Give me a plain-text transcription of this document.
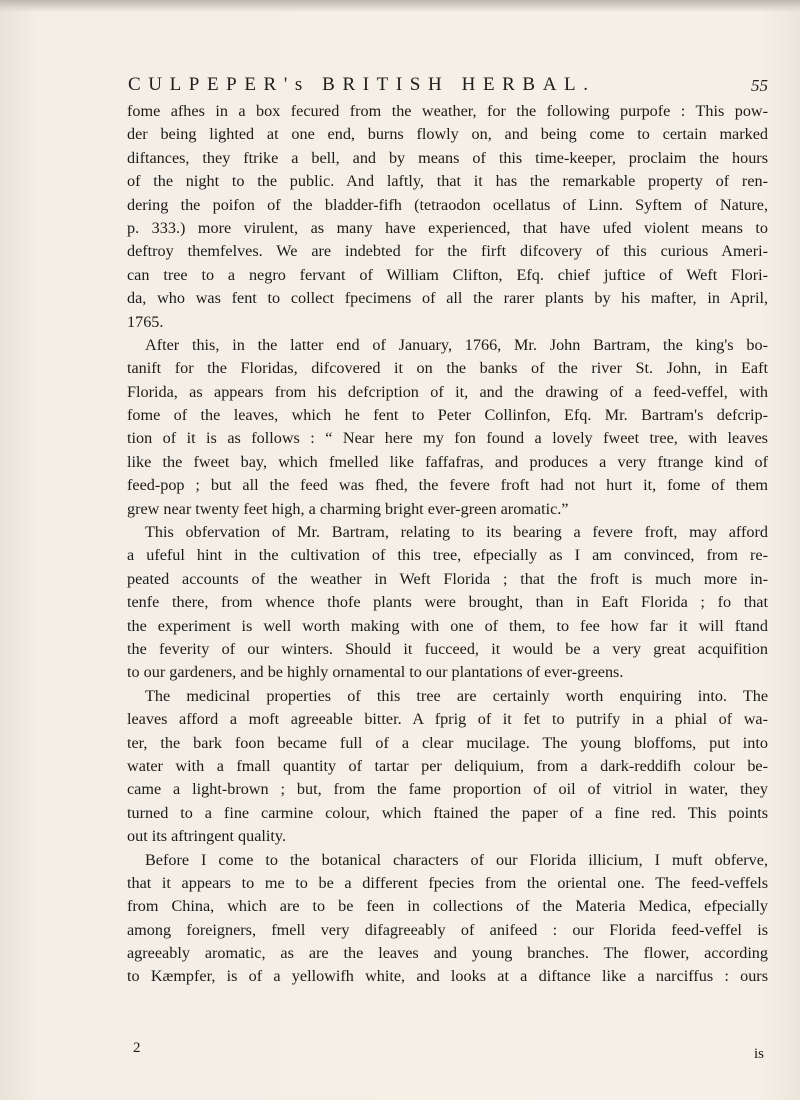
CULPEPER's BRITISH HERBAL.	55
fome afhes in a box fecured from the weather, for the following purpofe : This pow-
der being lighted at one end, burns flowly on, and being come to certain marked
diftances, they ftrike a bell, and by means of this time-keeper, proclaim the hours
of the night to the public. And laftly, that it has the remarkable property of ren-
dering the poifon of the bladder-fifh (tetraodon ocellatus of Linn. Syftem of Nature,
p. 333.) more virulent, as many have experienced, that have ufed violent means to
deftroy themfelves. We are indebted for the firft difcovery of this curious Ameri-
can tree to a negro fervant of William Clifton, Efq. chief juftice of Weft Flori-
da, who was fent to collect fpecimens of all the rarer plants by his mafter, in April,
1765.
After this, in the latter end of January, 1766, Mr. John Bartram, the king's bo-
tanift for the Floridas, difcovered it on the banks of the river St. John, in Eaft
Florida, as appears from his defcription of it, and the drawing of a feed-veffel, with
fome of the leaves, which he fent to Peter Collinfon, Efq. Mr. Bartram's defcrip-
tion of it is as follows : “ Near here my fon found a lovely fweet tree, with leaves
like the fweet bay, which fmelled like faffafras, and produces a very ftrange kind of
feed-pop ; but all the feed was fhed, the fevere froft had not hurt it, fome of them
grew near twenty feet high, a charming bright ever-green aromatic.”
This obfervation of Mr. Bartram, relating to its bearing a fevere froft, may afford
a ufeful hint in the cultivation of this tree, efpecially as I am convinced, from re-
peated accounts of the weather in Weft Florida ; that the froft is much more in-
tenfe there, from whence thofe plants were brought, than in Eaft Florida ; fo that
the experiment is well worth making with one of them, to fee how far it will ftand
the feverity of our winters. Should it fucceed, it would be a very great acquifition
to our gardeners, and be highly ornamental to our plantations of ever-greens.
The medicinal properties of this tree are certainly worth enquiring into. The
leaves afford a moft agreeable bitter. A fprig of it fet to putrify in a phial of wa-
ter, the bark foon became full of a clear mucilage. The young bloffoms, put into
water with a fmall quantity of tartar per deliquium, from a dark-reddifh colour be-
came a light-brown ; but, from the fame proportion of oil of vitriol in water, they
turned to a fine carmine colour, which ftained the paper of a fine red. This points
out its aftringent quality.
Before I come to the botanical characters of our Florida illicium, I muft obferve,
that it appears to me to be a different fpecies from the oriental one. The feed-veffels
from China, which are to be feen in collections of the Materia Medica, efpecially
among foreigners, fmell very difagreeably of anifeed : our Florida feed-veffel is
agreeably aromatic, as are the leaves and young branches. The flower, according
to Kæmpfer, is of a yellowifh white, and looks at a diftance like a narciffus : ours
2	is
